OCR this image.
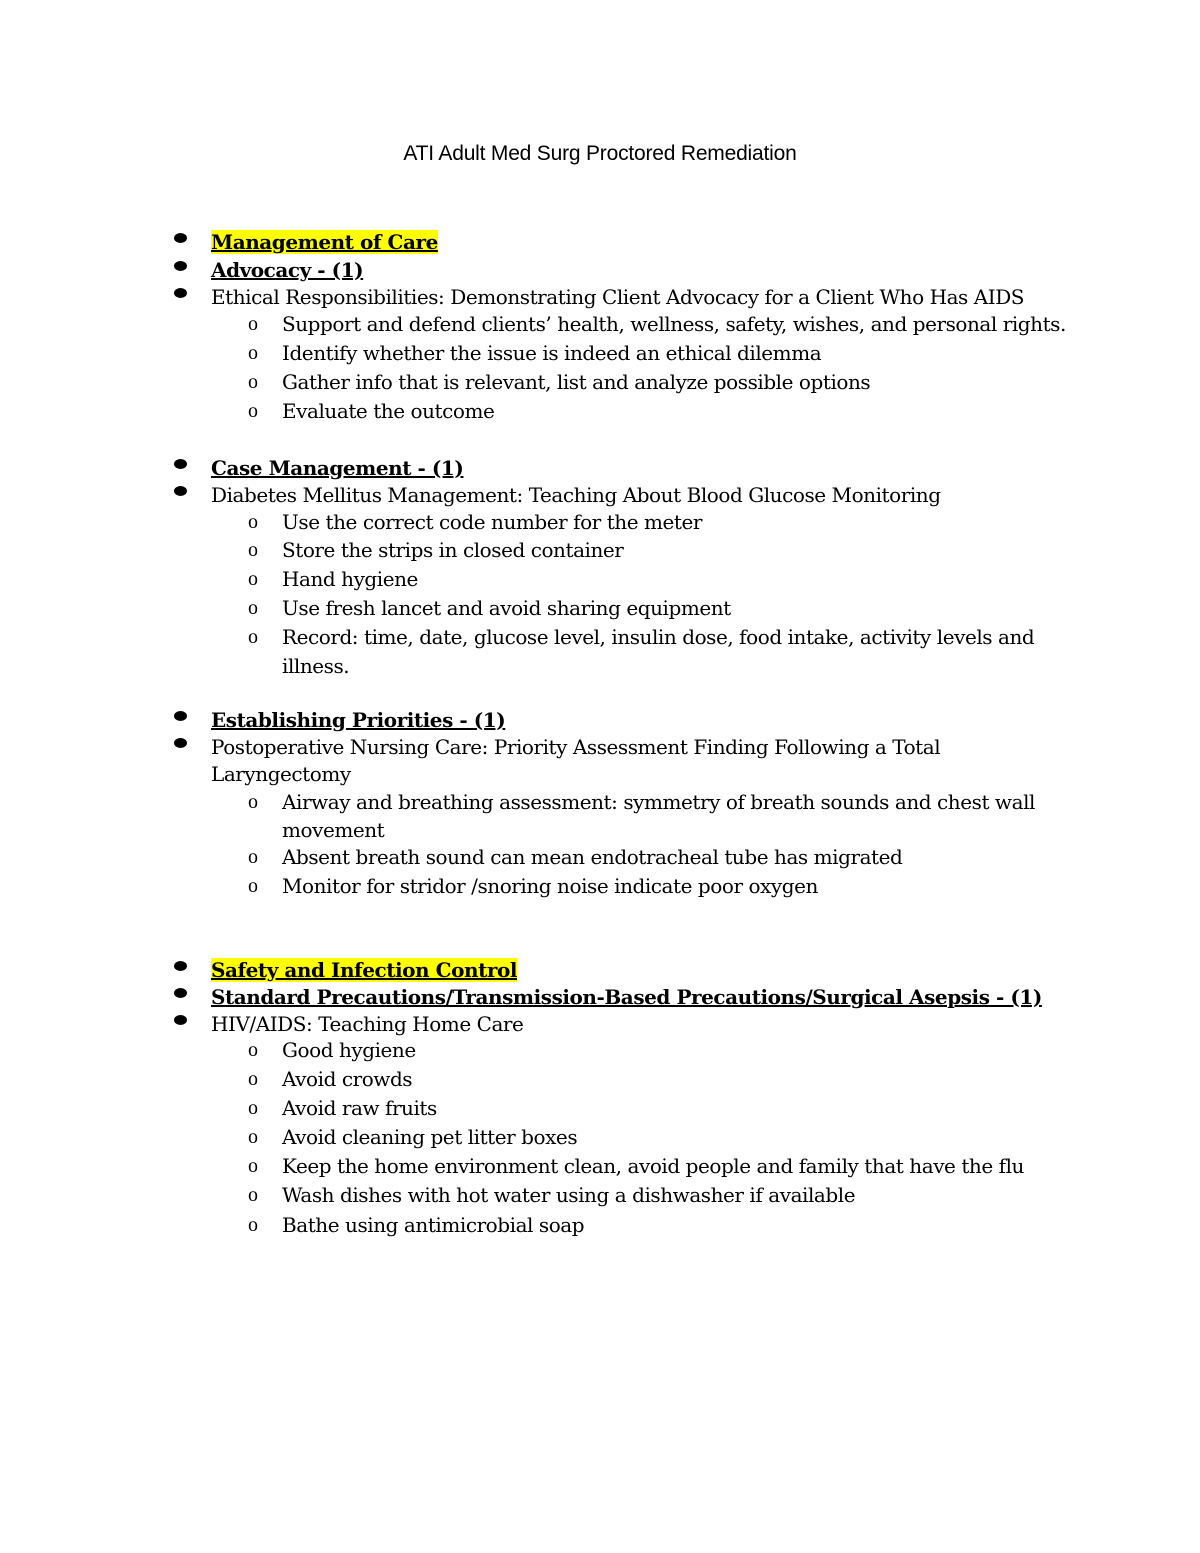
ATI Adult Med Surg Proctored Remediation
Management of Care
Advocacy - (1)
Ethical Responsibilities: Demonstrating Client Advocacy for a Client Who Has AIDS
o Support and defend clients’ health, wellness, safety, wishes, and personal rights.
o Identify whether the issue is indeed an ethical dilemma
o Gather info that is relevant, list and analyze possible options
o Evaluate the outcome
Case Management - (1)
Diabetes Mellitus Management: Teaching About Blood Glucose Monitoring
o Use the correct code number for the meter
o Store the strips in closed container
o Hand hygiene
o Use fresh lancet and avoid sharing equipment
o Record: time, date, glucose level, insulin dose, food intake, activity levels and
illness.
Establishing Priorities - (1)
Postoperative Nursing Care: Priority Assessment Finding Following a Total
Laryngectomy
o Airway and breathing assessment: symmetry of breath sounds and chest wall
movement
o Absent breath sound can mean endotracheal tube has migrated
o Monitor for stridor /snoring noise indicate poor oxygen
Safety and Infection Control
Standard Precautions/Transmission-Based Precautions/Surgical Asepsis - (1)
HIV/AIDS: Teaching Home Care
o Good hygiene
o Avoid crowds
o Avoid raw fruits
o Avoid cleaning pet litter boxes
o Keep the home environment clean, avoid people and family that have the flu
o Wash dishes with hot water using a dishwasher if available
o Bathe using antimicrobial soap
